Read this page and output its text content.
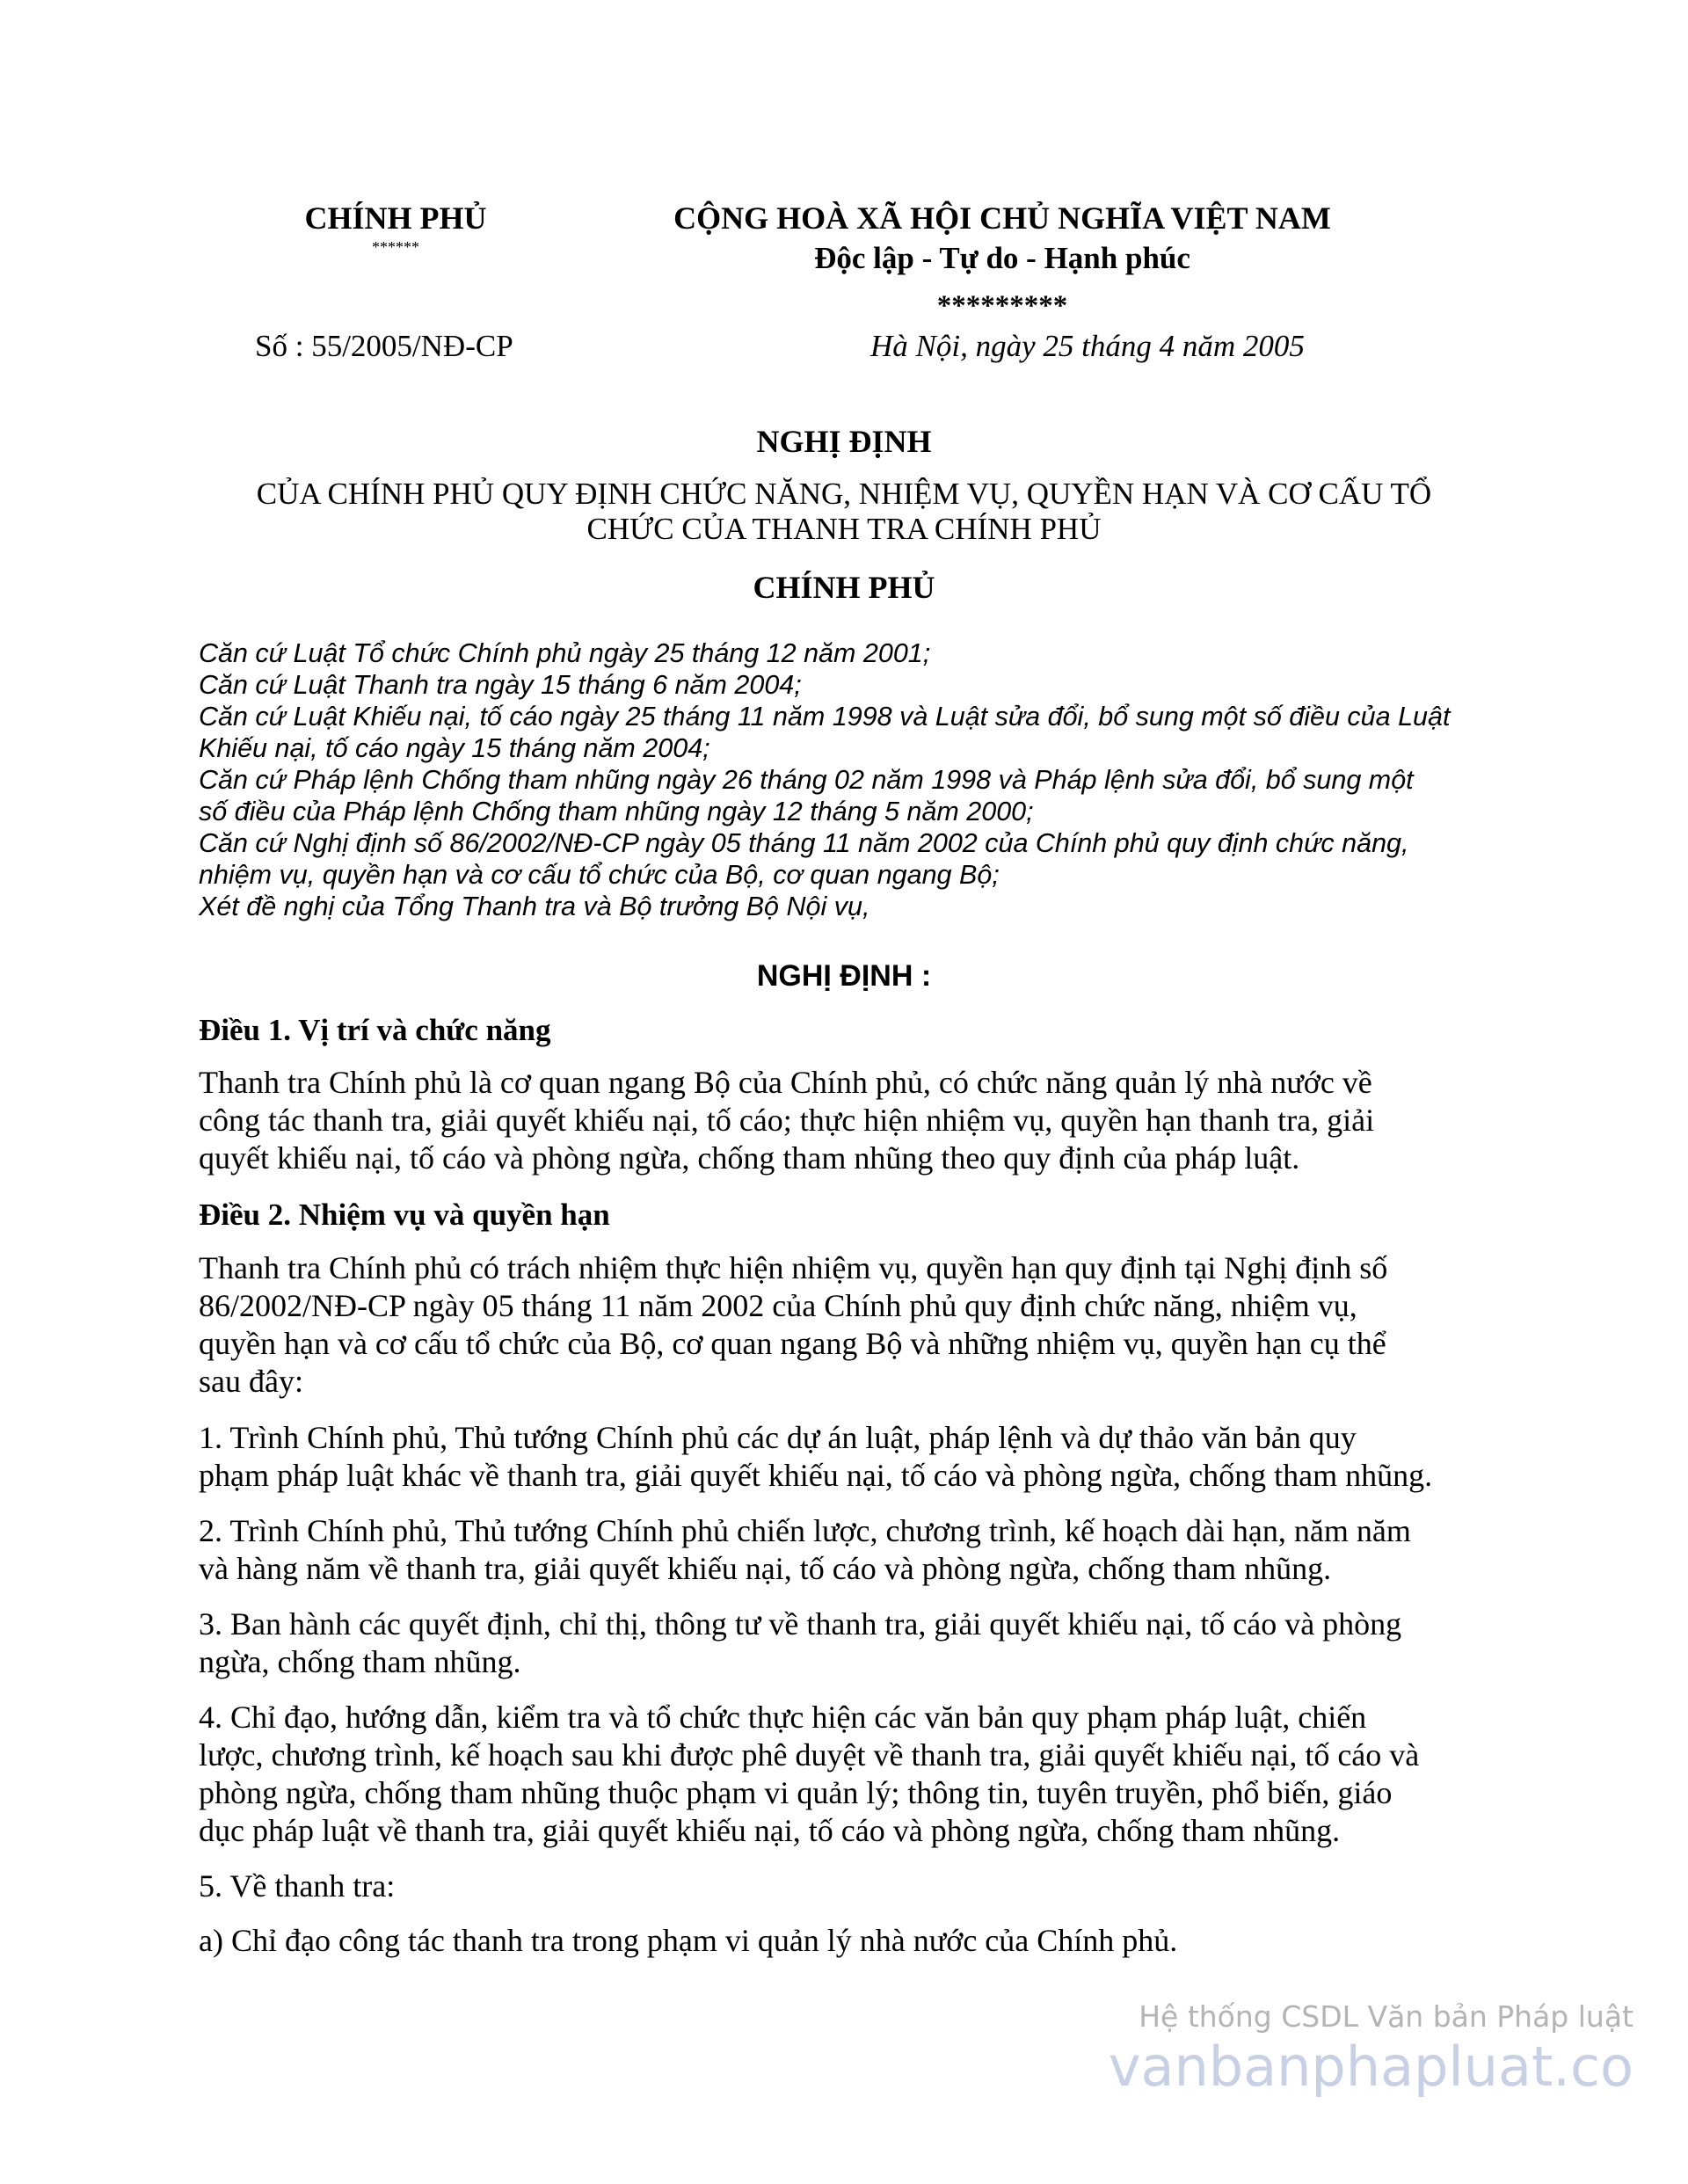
CHÍNH PHỦ
******
CỘNG HOÀ XÃ HỘI CHỦ NGHĨA VIỆT NAM
Độc lập - Tự do - Hạnh phúc
*********
Số : 55/2005/NĐ-CP	Hà Nội, ngày 25 tháng 4 năm 2005
NGHỊ ĐỊNH
CỦA CHÍNH PHỦ QUY ĐỊNH CHỨC NĂNG, NHIỆM VỤ, QUYỀN HẠN VÀ CƠ CẤU TỔ
CHỨC CỦA THANH TRA CHÍNH PHỦ
CHÍNH PHỦ
Căn cứ Luật Tổ chức Chính phủ ngày 25 tháng 12 năm 2001;
Căn cứ Luật Thanh tra ngày 15 tháng 6 năm 2004;
Căn cứ Luật Khiếu nại, tố cáo ngày 25 tháng 11 năm 1998 và Luật sửa đổi, bổ sung một số điều của Luật
Khiếu nại, tố cáo ngày 15 tháng năm 2004;
Căn cứ Pháp lệnh Chống tham nhũng ngày 26 tháng 02 năm 1998 và Pháp lệnh sửa đổi, bổ sung một
số điều của Pháp lệnh Chống tham nhũng ngày 12 tháng 5 năm 2000;
Căn cứ Nghị định số 86/2002/NĐ-CP ngày 05 tháng 11 năm 2002 của Chính phủ quy định chức năng,
nhiệm vụ, quyền hạn và cơ cấu tổ chức của Bộ, cơ quan ngang Bộ;
Xét đề nghị của Tổng Thanh tra và Bộ trưởng Bộ Nội vụ,
NGHỊ ĐỊNH :
Điều 1. Vị trí và chức năng
Thanh tra Chính phủ là cơ quan ngang Bộ của Chính phủ, có chức năng quản lý nhà nước về
công tác thanh tra, giải quyết khiếu nại, tố cáo; thực hiện nhiệm vụ, quyền hạn thanh tra, giải
quyết khiếu nại, tố cáo và phòng ngừa, chống tham nhũng theo quy định của pháp luật.
Điều 2. Nhiệm vụ và quyền hạn
Thanh tra Chính phủ có trách nhiệm thực hiện nhiệm vụ, quyền hạn quy định tại Nghị định số
86/2002/NĐ-CP ngày 05 tháng 11 năm 2002 của Chính phủ quy định chức năng, nhiệm vụ,
quyền hạn và cơ cấu tổ chức của Bộ, cơ quan ngang Bộ và những nhiệm vụ, quyền hạn cụ thể
sau đây:
1. Trình Chính phủ, Thủ tướng Chính phủ các dự án luật, pháp lệnh và dự thảo văn bản quy
phạm pháp luật khác về thanh tra, giải quyết khiếu nại, tố cáo và phòng ngừa, chống tham nhũng.
2. Trình Chính phủ, Thủ tướng Chính phủ chiến lược, chương trình, kế hoạch dài hạn, năm năm
và hàng năm về thanh tra, giải quyết khiếu nại, tố cáo và phòng ngừa, chống tham nhũng.
3. Ban hành các quyết định, chỉ thị, thông tư về thanh tra, giải quyết khiếu nại, tố cáo và phòng
ngừa, chống tham nhũng.
4. Chỉ đạo, hướng dẫn, kiểm tra và tổ chức thực hiện các văn bản quy phạm pháp luật, chiến
lược, chương trình, kế hoạch sau khi được phê duyệt về thanh tra, giải quyết khiếu nại, tố cáo và
phòng ngừa, chống tham nhũng thuộc phạm vi quản lý; thông tin, tuyên truyền, phổ biến, giáo
dục pháp luật về thanh tra, giải quyết khiếu nại, tố cáo và phòng ngừa, chống tham nhũng.
5. Về thanh tra:
a) Chỉ đạo công tác thanh tra trong phạm vi quản lý nhà nước của Chính phủ.
Hệ thống CSDL Văn bản Pháp luật
vanbanphapluat.co
